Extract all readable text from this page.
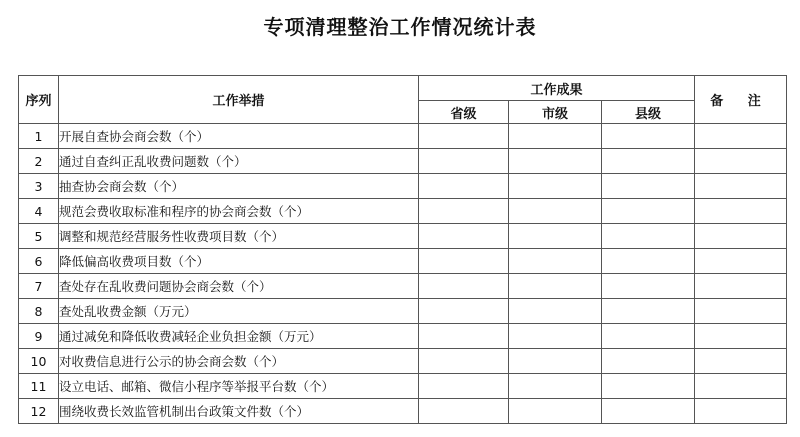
专项清理整治工作情况统计表
序列	工作举措	工作成果			备 注
		省级	市级	县级	
1	开展自查协会商会数（个）				
2	通过自查纠正乱收费问题数（个）				
3	抽查协会商会数（个）				
4	规范会费收取标准和程序的协会商会数（个）				
5	调整和规范经营服务性收费项目数（个）				
6	降低偏高收费项目数（个）				
7	查处存在乱收费问题协会商会数（个）				
8	查处乱收费金额（万元）				
9	通过减免和降低收费减轻企业负担金额（万元）				
10	对收费信息进行公示的协会商会数（个）				
11	设立电话、邮箱、微信小程序等举报平台数（个）				
12	围绕收费长效监管机制出台政策文件数（个）				
